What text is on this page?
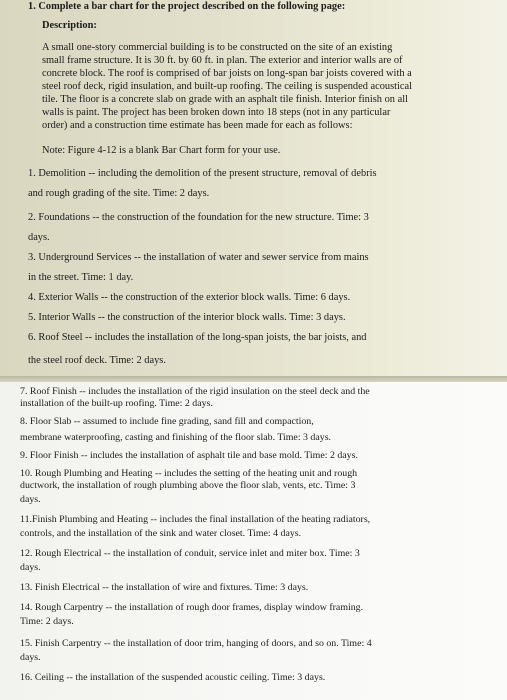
1. Complete a bar chart for the project described on the following page:
Description:
A small one-story commercial building is to be constructed on the site of an existing
small frame structure. It is 30 ft. by 60 ft. in plan. The exterior and interior walls are of
concrete block. The roof is comprised of bar joists on long-span bar joists covered with a
steel roof deck, rigid insulation, and built-up roofing. The ceiling is suspended acoustical
tile. The floor is a concrete slab on grade with an asphalt tile finish. Interior finish on all
walls is paint. The project has been broken down into 18 steps (not in any particular
order) and a construction time estimate has been made for each as follows:
Note: Figure 4-12 is a blank Bar Chart form for your use.
1. Demolition -- including the demolition of the present structure, removal of debris
and rough grading of the site. Time: 2 days.
2. Foundations -- the construction of the foundation for the new structure. Time: 3
days.
3. Underground Services -- the installation of water and sewer service from mains
in the street. Time: 1 day.
4. Exterior Walls -- the construction of the exterior block walls. Time: 6 days.
5. Interior Walls -- the construction of the interior block walls. Time: 3 days.
6. Roof Steel -- includes the installation of the long-span joists, the bar joists, and
the steel roof deck. Time: 2 days.
7. Roof Finish -- includes the installation of the rigid insulation on the steel deck and the
installation of the built-up roofing. Time: 2 days.
8. Floor Slab -- assumed to include fine grading, sand fill and compaction,
membrane waterproofing, casting and finishing of the floor slab. Time: 3 days.
9. Floor Finish -- includes the installation of asphalt tile and base mold. Time: 2 days.
10. Rough Plumbing and Heating -- includes the setting of the heating unit and rough
ductwork, the installation of rough plumbing above the floor slab, vents, etc. Time: 3
days.
11.Finish Plumbing and Heating -- includes the final installation of the heating radiators,
controls, and the installation of the sink and water closet. Time: 4 days.
12. Rough Electrical -- the installation of conduit, service inlet and miter box. Time: 3
days.
13. Finish Electrical -- the installation of wire and fixtures. Time: 3 days.
14. Rough Carpentry -- the installation of rough door frames, display window framing.
Time: 2 days.
15. Finish Carpentry -- the installation of door trim, hanging of doors, and so on. Time: 4
days.
16. Ceiling -- the installation of the suspended acoustic ceiling. Time: 3 days.
